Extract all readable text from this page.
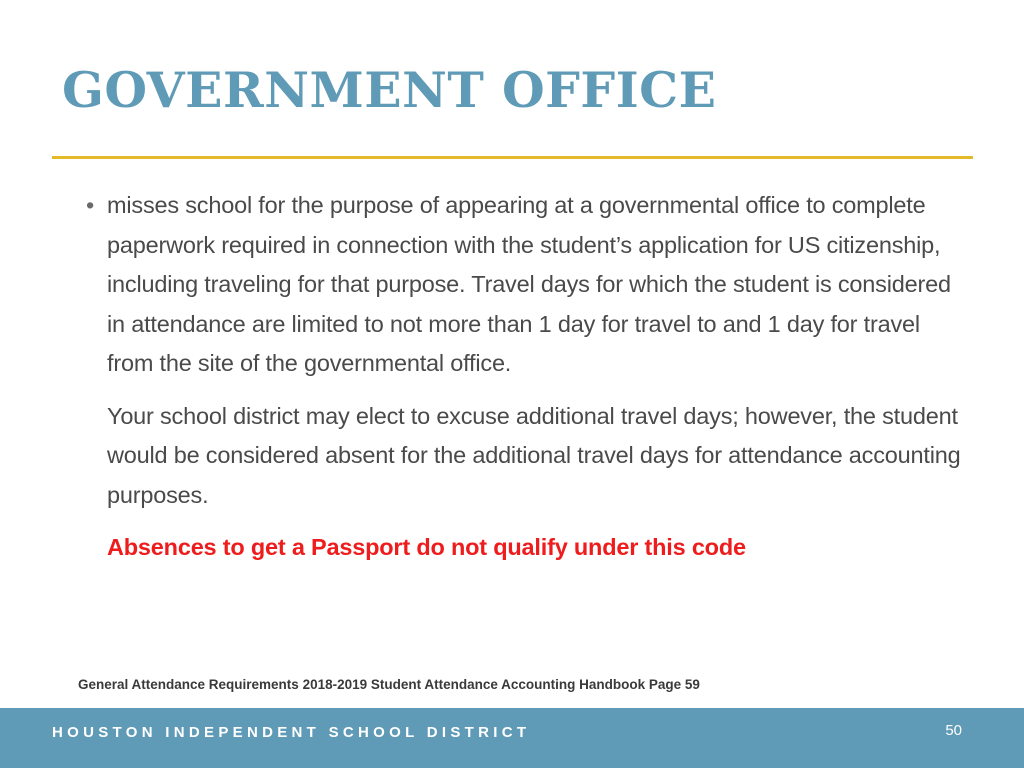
GOVERNMENT OFFICE
• misses school for the purpose of appearing at a governmental office to complete paperwork required in connection with the student’s application for US citizenship, including traveling for that purpose. Travel days for which the student is considered in attendance are limited to not more than 1 day for travel to and 1 day for travel from the site of the governmental office.
Your school district may elect to excuse additional travel days; however, the student would be considered absent for the additional travel days for attendance accounting purposes.
Absences to get a Passport do not qualify under this code
General Attendance Requirements 2018-2019 Student Attendance Accounting Handbook Page 59
HOUSTON INDEPENDENT SCHOOL DISTRICT	50
